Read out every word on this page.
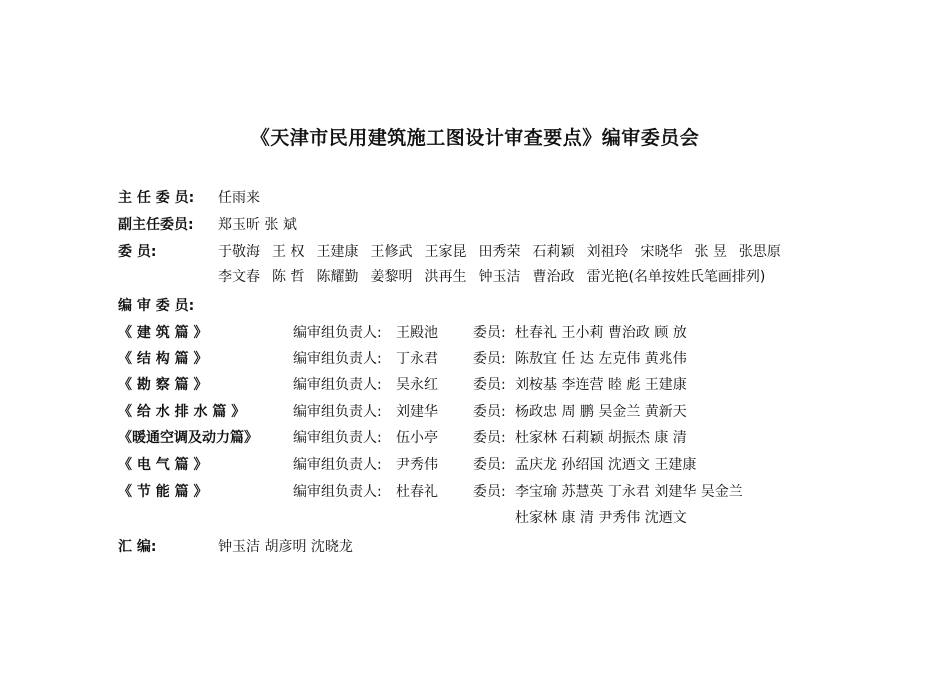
《天津市民用建筑施工图设计审查要点》编审委员会
主 任 委 员: 任雨来
副主任委员: 郑玉昕 张 斌
委 员:	于敬海 王 权 王建康 王修武 王家昆 田秀荣 石莉颖 刘祖玲 宋晓华 张 昱 张思原
李文春 陈 哲 陈耀勤 姜黎明 洪再生 钟玉洁 曹治政 雷光艳(名单按姓氏笔画排列)
编 审 委 员:
《 建 筑 篇 》	编审组负责人: 王殿池	委员: 杜春礼 王小莉 曹治政 顾 放
《 结 构 篇 》	编审组负责人: 丁永君	委员: 陈敖宜 任 达 左克伟 黄兆伟
《 勘 察 篇 》	编审组负责人: 吴永红	委员: 刘桉基 李连营 睦 彪 王建康
《 给 水 排 水 篇 》	编审组负责人: 刘建华	委员: 杨政忠 周 鹏 吴金兰 黄新天
《暖通空调及动力篇》	编审组负责人: 伍小亭	委员: 杜家林 石莉颖 胡振杰 康 清
《 电 气 篇 》	编审组负责人: 尹秀伟	委员: 孟庆龙 孙绍国 沈迺文 王建康
《 节 能 篇 》	编审组负责人: 杜春礼	委员: 李宝瑜 苏慧英 丁永君 刘建华 吴金兰
杜家林 康 清 尹秀伟 沈迺文
汇 编:	钟玉洁 胡彦明 沈晓龙
